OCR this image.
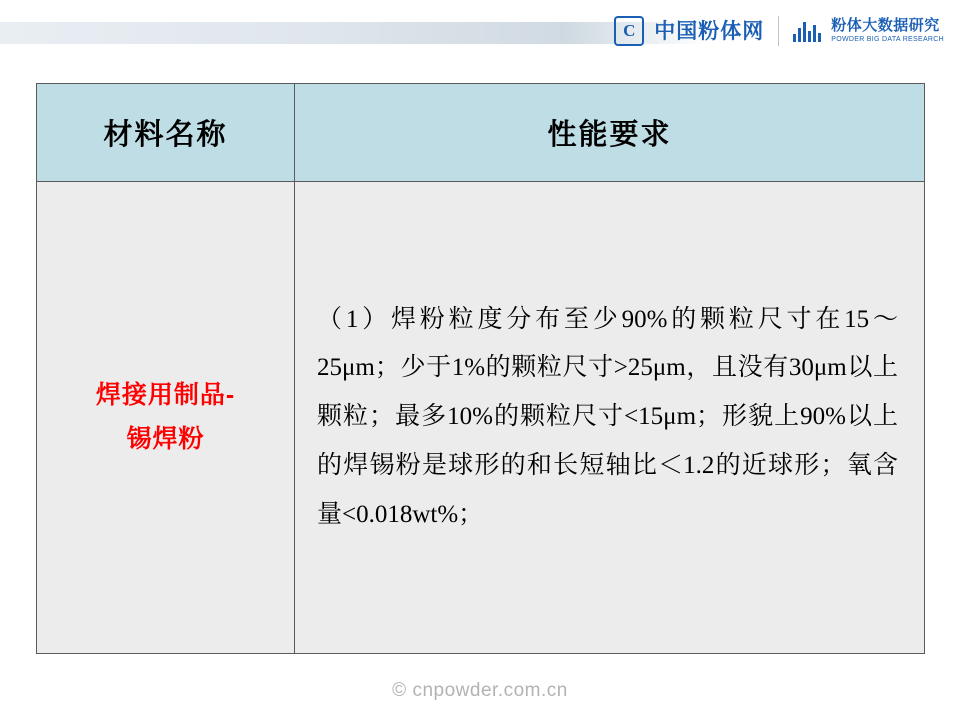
C 中国粉体网	粉体大数据研究
POWDER BIG DATA RESEARCH
材料名称	性能要求

焊接用制品-
锡焊粉	（1）焊粉粒度分布至少90%的颗粒尺寸在15～25μm；少于1%的颗粒尺寸>25μm，且没有30μm以上颗粒；最多10%的颗粒尺寸<15μm；形貌上90%以上的焊锡粉是球形的和长短轴比＜1.2的近球形；氧含量<0.018wt%；
© cnpowder.com.cn
